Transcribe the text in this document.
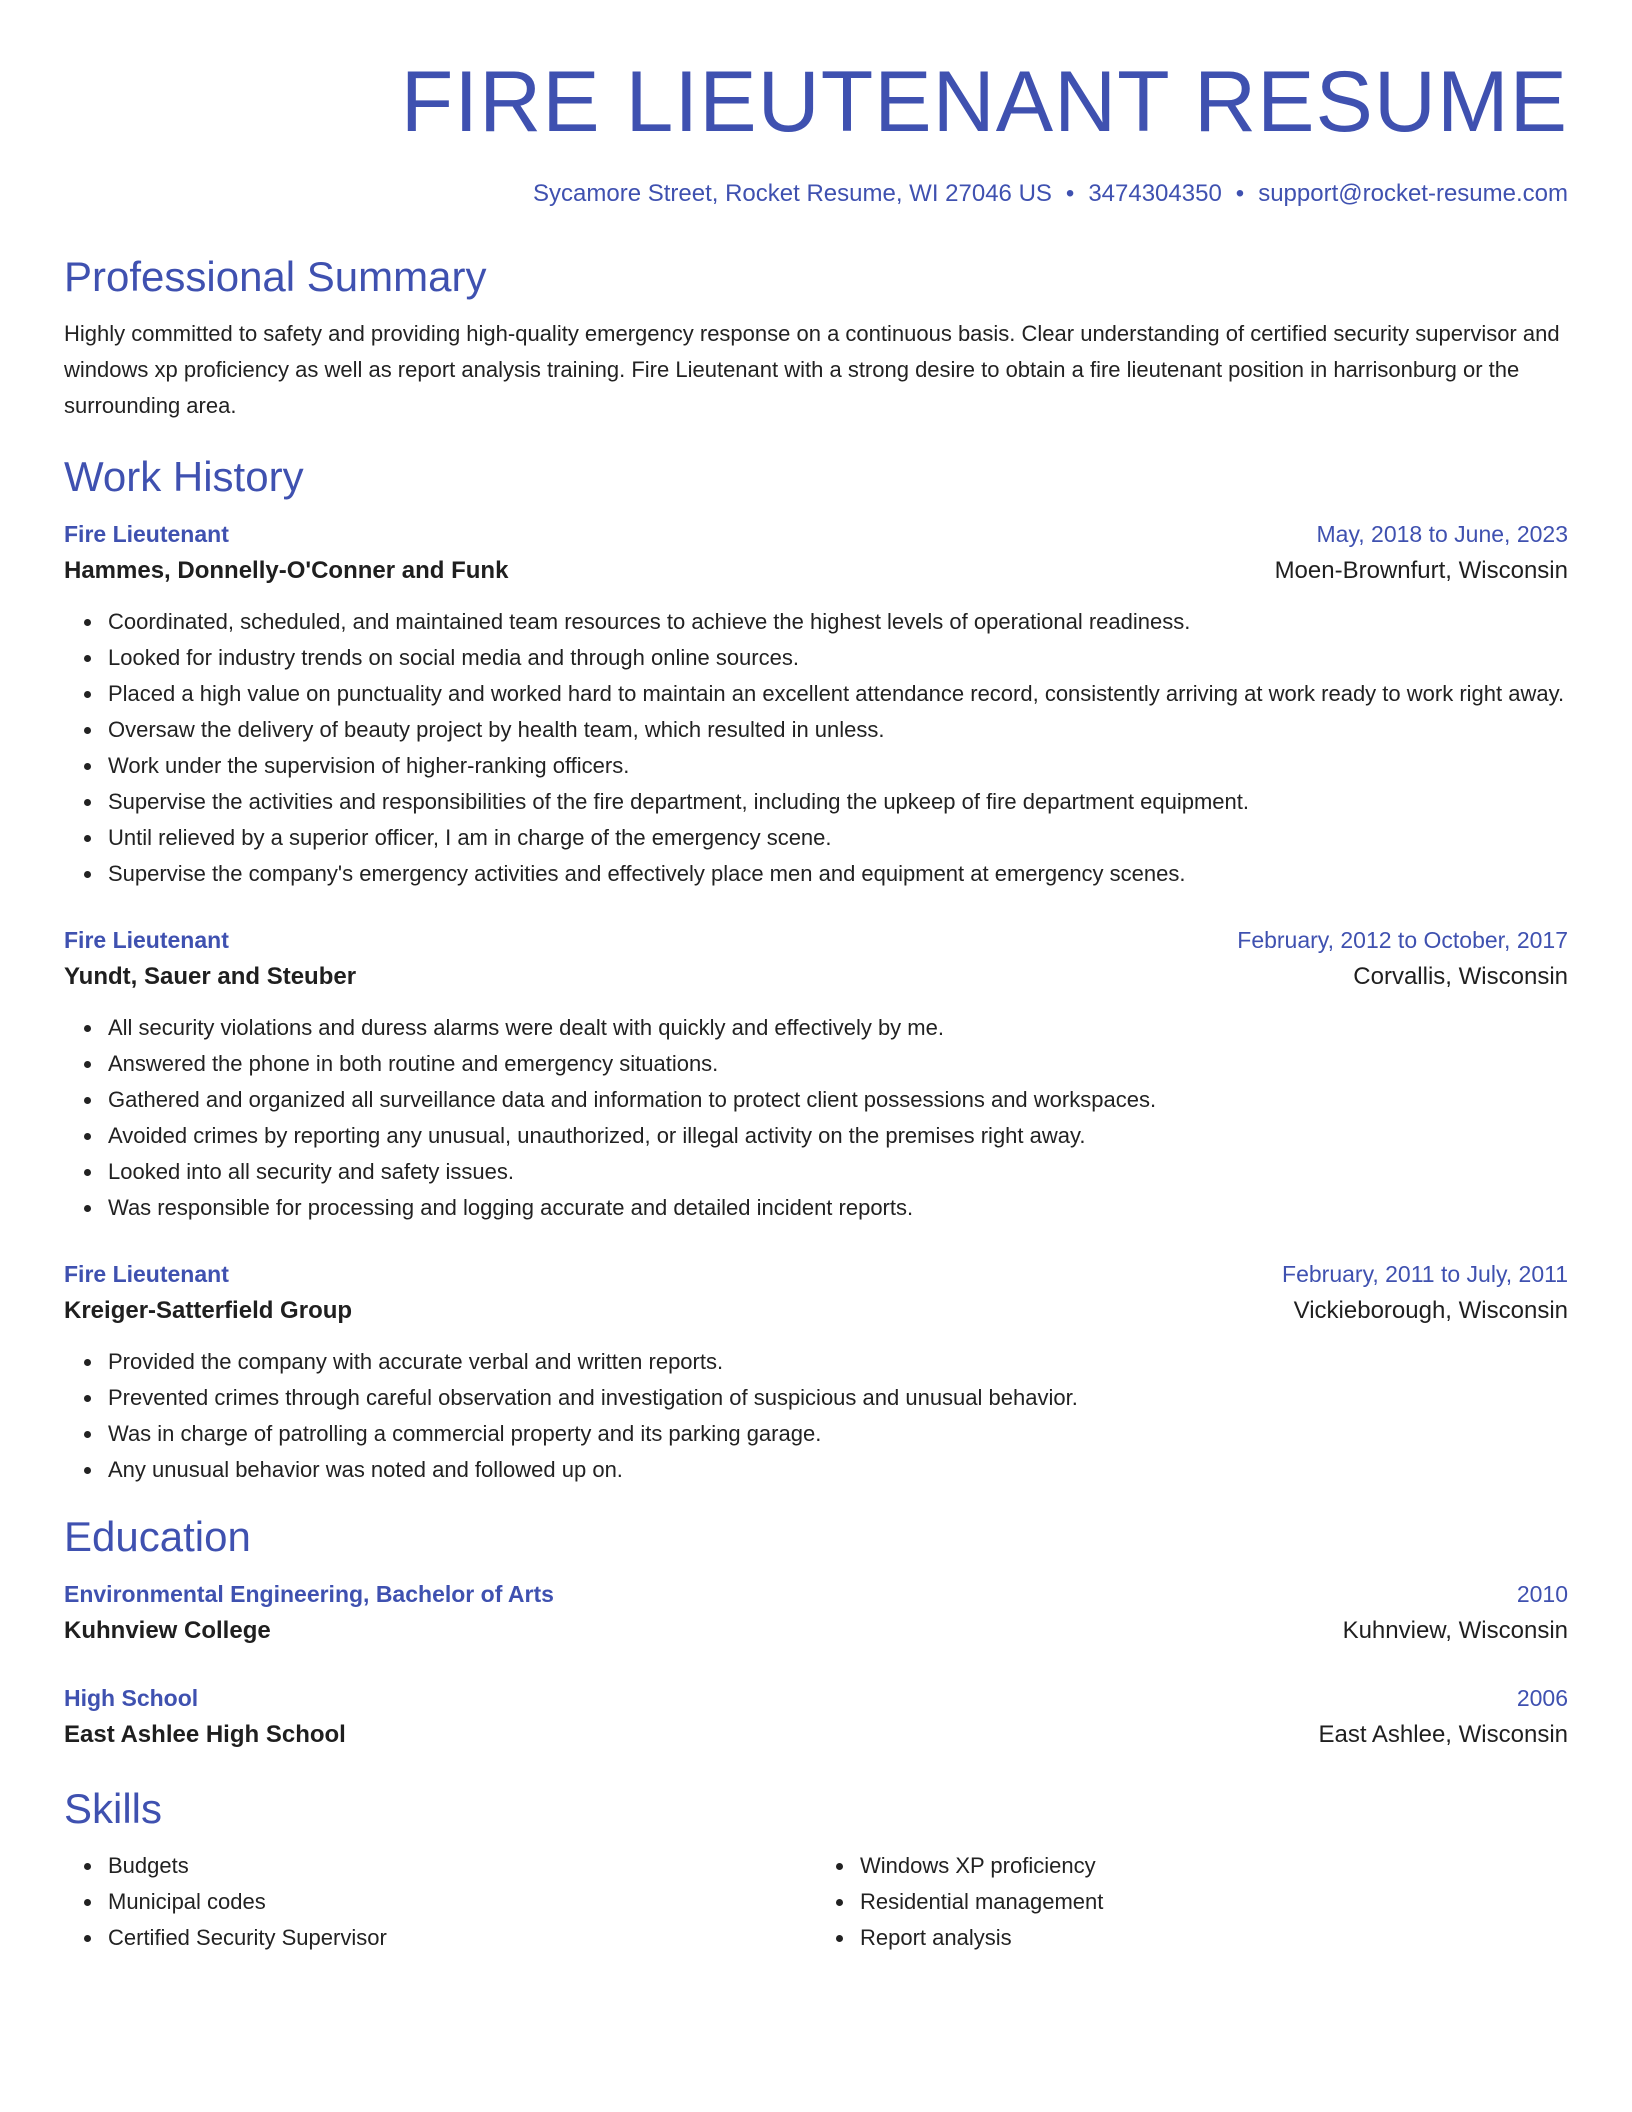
FIRE LIEUTENANT RESUME
Sycamore Street, Rocket Resume, WI 27046 US • 3474304350 • support@rocket-resume.com
Professional Summary
Highly committed to safety and providing high-quality emergency response on a continuous basis. Clear understanding of certified security supervisor and windows xp proficiency as well as report analysis training. Fire Lieutenant with a strong desire to obtain a fire lieutenant position in harrisonburg or the surrounding area.
Work History
Fire Lieutenant	May, 2018 to June, 2023
Hammes, Donnelly-O'Conner and Funk	Moen-Brownfurt, Wisconsin
Coordinated, scheduled, and maintained team resources to achieve the highest levels of operational readiness.
Looked for industry trends on social media and through online sources.
Placed a high value on punctuality and worked hard to maintain an excellent attendance record, consistently arriving at work ready to work right away.
Oversaw the delivery of beauty project by health team, which resulted in unless.
Work under the supervision of higher-ranking officers.
Supervise the activities and responsibilities of the fire department, including the upkeep of fire department equipment.
Until relieved by a superior officer, I am in charge of the emergency scene.
Supervise the company's emergency activities and effectively place men and equipment at emergency scenes.
Fire Lieutenant	February, 2012 to October, 2017
Yundt, Sauer and Steuber	Corvallis, Wisconsin
All security violations and duress alarms were dealt with quickly and effectively by me.
Answered the phone in both routine and emergency situations.
Gathered and organized all surveillance data and information to protect client possessions and workspaces.
Avoided crimes by reporting any unusual, unauthorized, or illegal activity on the premises right away.
Looked into all security and safety issues.
Was responsible for processing and logging accurate and detailed incident reports.
Fire Lieutenant	February, 2011 to July, 2011
Kreiger-Satterfield Group	Vickieborough, Wisconsin
Provided the company with accurate verbal and written reports.
Prevented crimes through careful observation and investigation of suspicious and unusual behavior.
Was in charge of patrolling a commercial property and its parking garage.
Any unusual behavior was noted and followed up on.
Education
Environmental Engineering, Bachelor of Arts	2010
Kuhnview College	Kuhnview, Wisconsin
High School	2006
East Ashlee High School	East Ashlee, Wisconsin
Skills
Budgets
Municipal codes
Certified Security Supervisor
Windows XP proficiency
Residential management
Report analysis
